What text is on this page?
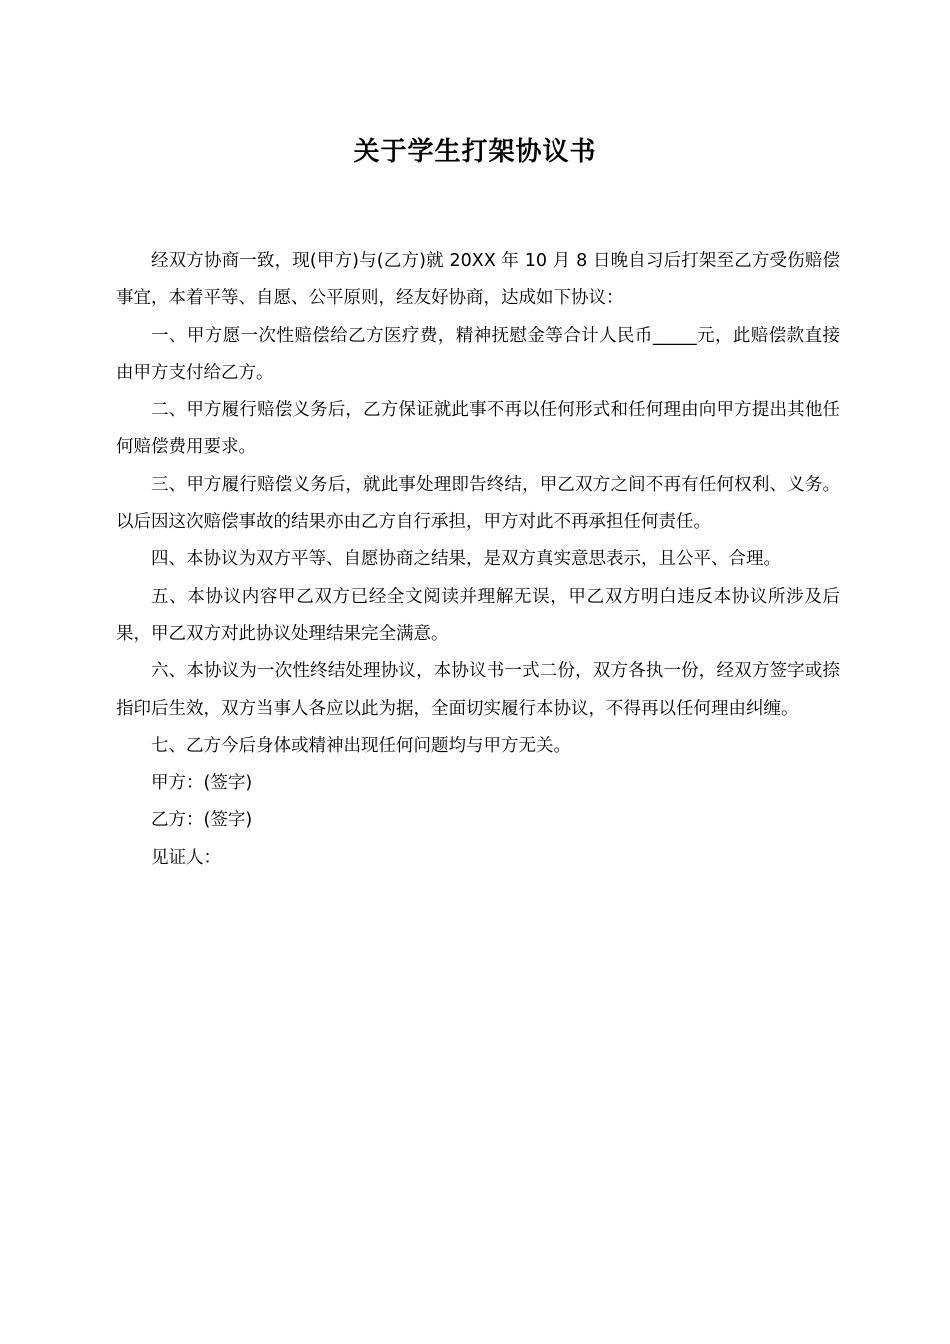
关于学生打架协议书

经双方协商一致，现(甲方)与(乙方)就 20XX 年 10 月 8 日晚自习后打架至乙方受伤赔偿事宜，本着平等、自愿、公平原则，经友好协商，达成如下协议：

一、甲方愿一次性赔偿给乙方医疗费，精神抚慰金等合计人民币_____元，此赔偿款直接由甲方支付给乙方。

二、甲方履行赔偿义务后，乙方保证就此事不再以任何形式和任何理由向甲方提出其他任何赔偿费用要求。

三、甲方履行赔偿义务后，就此事处理即告终结，甲乙双方之间不再有任何权利、义务。以后因这次赔偿事故的结果亦由乙方自行承担，甲方对此不再承担任何责任。

四、本协议为双方平等、自愿协商之结果，是双方真实意思表示，且公平、合理。

五、本协议内容甲乙双方已经全文阅读并理解无误，甲乙双方明白违反本协议所涉及后果，甲乙双方对此协议处理结果完全满意。

六、本协议为一次性终结处理协议，本协议书一式二份，双方各执一份，经双方签字或捺指印后生效，双方当事人各应以此为据，全面切实履行本协议，不得再以任何理由纠缠。

七、乙方今后身体或精神出现任何问题均与甲方无关。

甲方：(签字)

乙方：(签字)

见证人：
